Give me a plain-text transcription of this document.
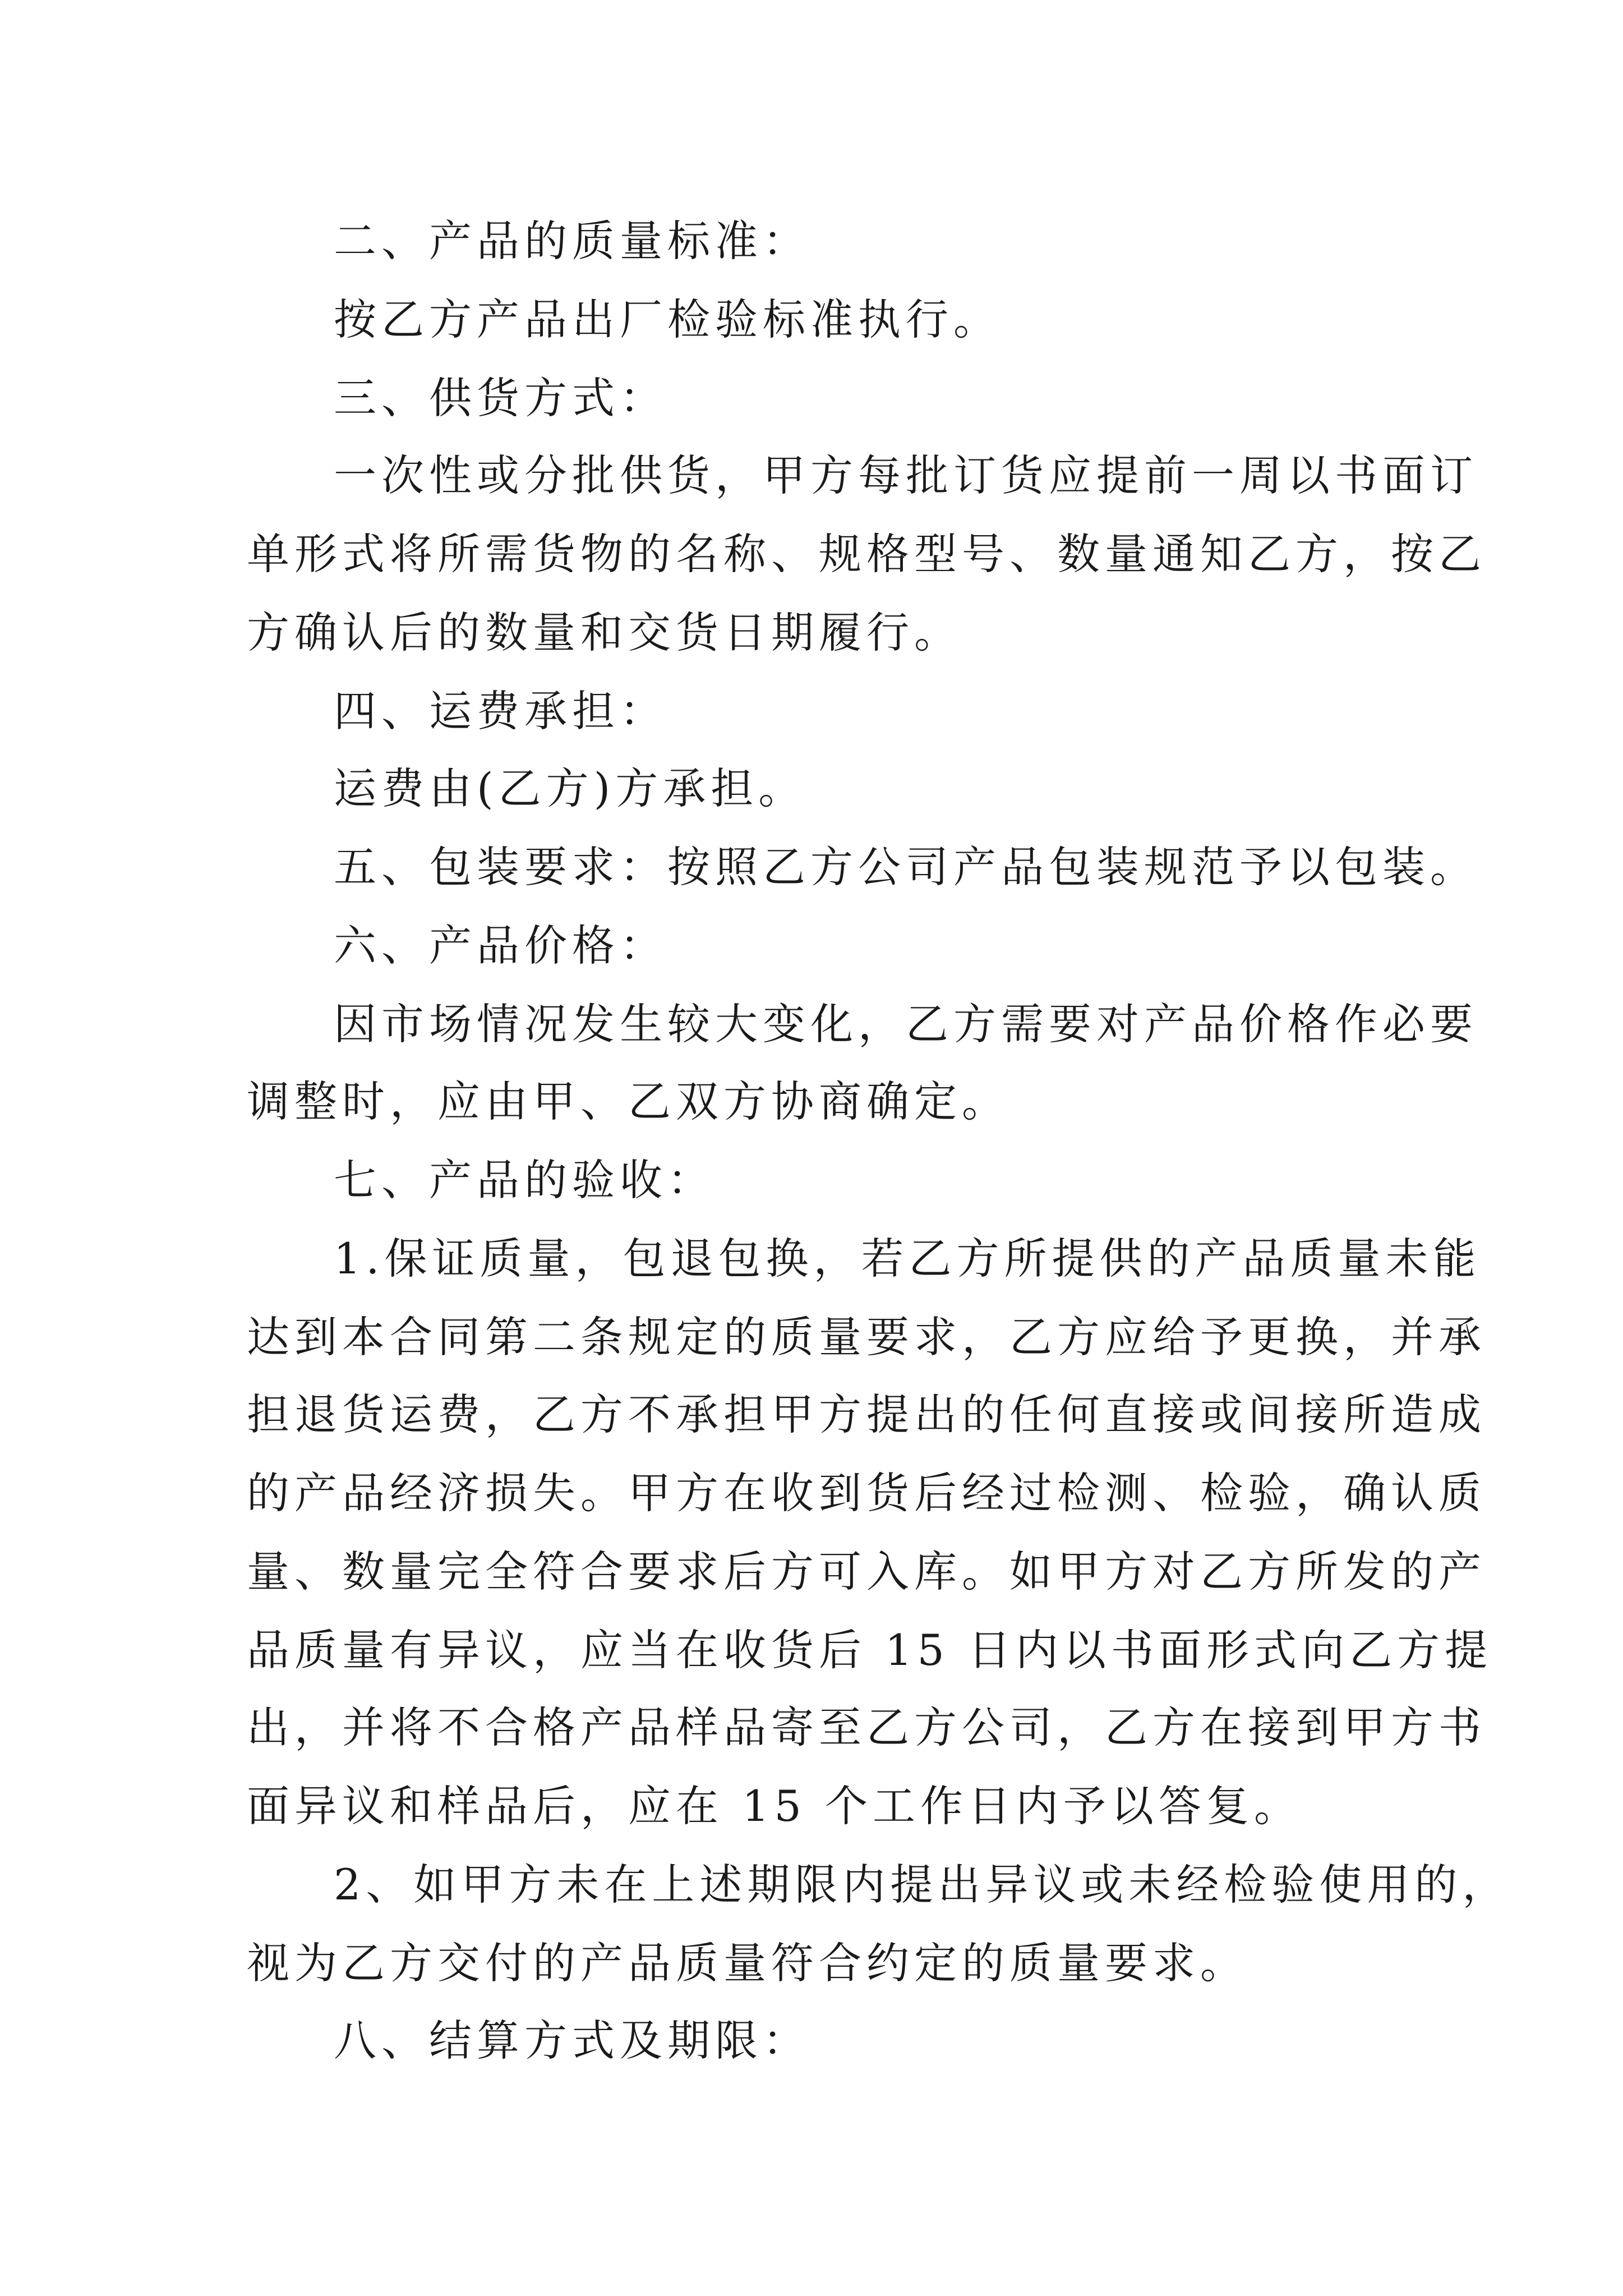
二、产品的质量标准：
按乙方产品出厂检验标准执行。
三、供货方式：
一次性或分批供货，甲方每批订货应提前一周以书面订
单形式将所需货物的名称、规格型号、数量通知乙方，按乙
方确认后的数量和交货日期履行。
四、运费承担：
运费由(乙方)方承担。
五、包装要求：按照乙方公司产品包装规范予以包装。
六、产品价格：
因市场情况发生较大变化，乙方需要对产品价格作必要
调整时，应由甲、乙双方协商确定。
七、产品的验收：
1.保证质量，包退包换，若乙方所提供的产品质量未能
达到本合同第二条规定的质量要求，乙方应给予更换，并承
担退货运费，乙方不承担甲方提出的任何直接或间接所造成
的产品经济损失。甲方在收到货后经过检测、检验，确认质
量、数量完全符合要求后方可入库。如甲方对乙方所发的产
品质量有异议，应当在收货后 15 日内以书面形式向乙方提
出，并将不合格产品样品寄至乙方公司，乙方在接到甲方书
面异议和样品后，应在 15 个工作日内予以答复。
2、如甲方未在上述期限内提出异议或未经检验使用的，
视为乙方交付的产品质量符合约定的质量要求。
八、结算方式及期限：
